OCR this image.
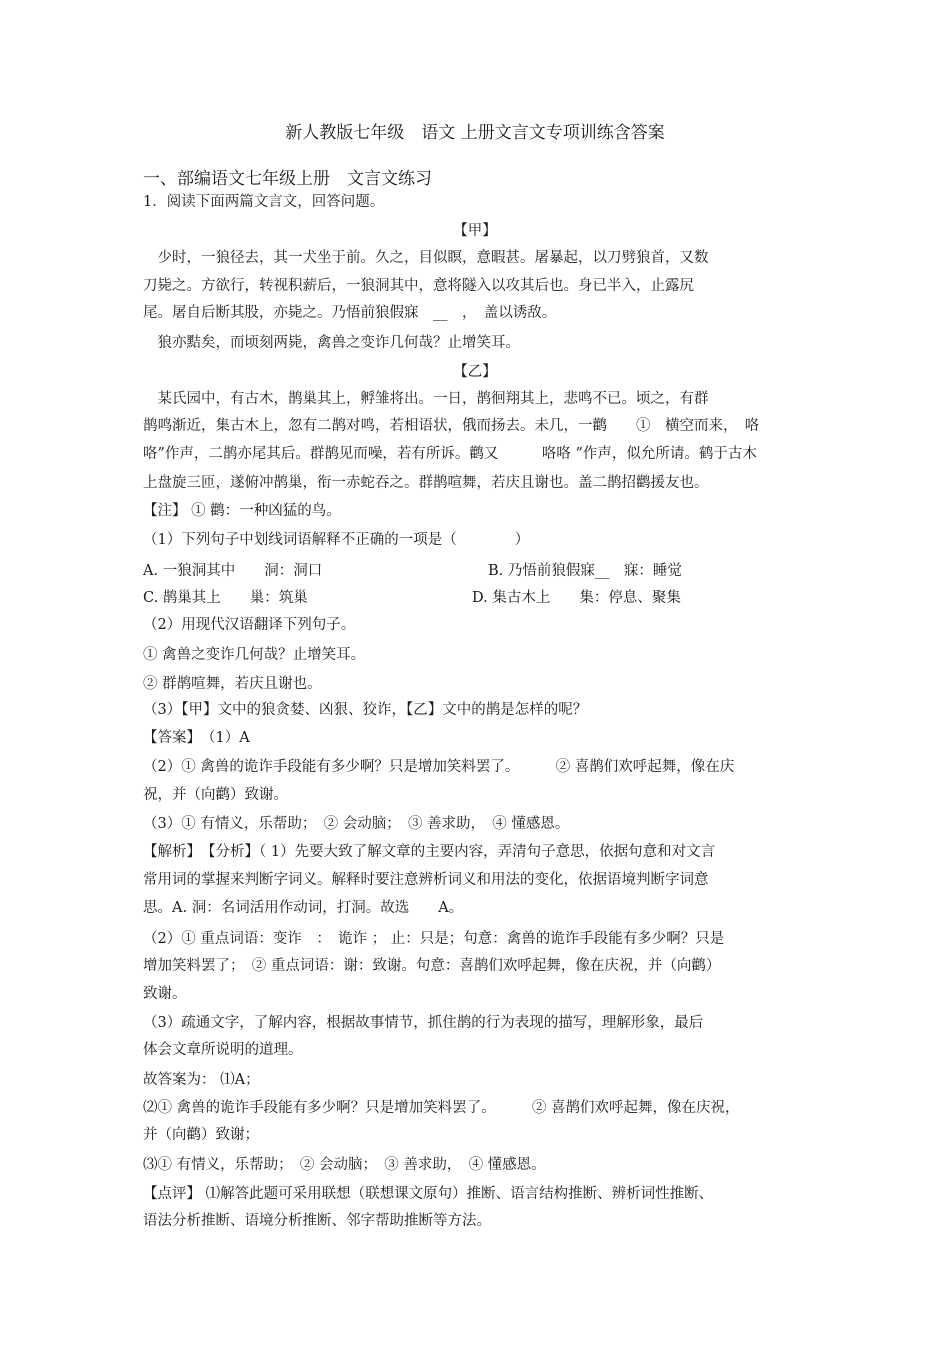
新人教版七年级　语文 上册文言文专项训练含答案
一、部编语文七年级上册　文言文练习
1．阅读下面两篇文言文，回答问题。
【甲】
　少时，一狼径去，其一犬坐于前。久之，目似瞑，意暇甚。屠暴起，以刀劈狼首，又数
刀毙之。方欲行，转视积薪后，一狼洞其中，意将隧入以攻其后也。身已半入，止露尻
尾。屠自后断其股，亦毙之。乃悟前狼假寐　__　，　盖以诱敌。
　狼亦黠矣，而顷刻两毙，禽兽之变诈几何哉？止增笑耳。
【乙】
　某氏园中，有古木，鹊巢其上，孵雏将出。一日，鹊徊翔其上，悲鸣不已。顷之，有群
鹊鸣渐近，集古木上，忽有二鹊对鸣，若相语状，俄而扬去。未几，一鹳　　①　横空而来，　咯
咯”作声，二鹊亦尾其后。群鹊见而噪，若有所诉。鹳又　　　咯咯 ”作声，似允所请。鹤于古木
上盘旋三匝，遂俯冲鹊巢，衔一赤蛇吞之。群鹊喧舞，若庆且谢也。盖二鹊招鹳援友也。
【注】 ① 鹳：一种凶猛的鸟。
（1）下列句子中划线词语解释不正确的一项是（　　　　）
A. 一狼洞其中　　洞：洞口	B. 乃悟前狼假寐__　寐：睡觉
C. 鹊巢其上　　巢：筑巢	D. 集古木上　　集：停息、聚集
（2）用现代汉语翻译下列句子。
① 禽兽之变诈几何哉？止增笑耳。
② 群鹊喧舞，若庆且谢也。
（3）【甲】文中的狼贪婪、凶狠、狡诈，【乙】文中的鹊是怎样的呢？
【答案】　（1）A
（2）① 禽兽的诡诈手段能有多少啊？只是增加笑料罢了。　　　② 喜鹊们欢呼起舞，像在庆
祝，并（向鹳）致谢。
（3）① 有情义，乐帮助；　② 会动脑；　③ 善求助，　④ 懂感恩。
【解析】　【分析】（ 1）先要大致了解文章的主要内容，弄清句子意思，依据句意和对文言
常用词的掌握来判断字词义。解释时要注意辨析词义和用法的变化，依据语境判断字词意
思。A. 洞：名词活用作动词，打洞。故选　　A。
（2）① 重点词语：变诈　：　诡诈 ； 止：只是；句意：禽兽的诡诈手段能有多少啊？只是
增加笑料罢了；　② 重点词语：谢：致谢。句意：喜鹊们欢呼起舞，像在庆祝，并（向鹳）
致谢。
（3）疏通文字，了解内容，根据故事情节，抓住鹊的行为表现的描写，理解形象，最后
体会文章所说明的道理。
故答案为： ⑴A；
⑵① 禽兽的诡诈手段能有多少啊？只是增加笑料罢了。　　　② 喜鹊们欢呼起舞，像在庆祝，
并（向鹳）致谢；
⑶① 有情义，乐帮助；　② 会动脑；　③ 善求助，　④ 懂感恩。
【点评】 ⑴解答此题可采用联想（联想课文原句）推断、语言结构推断、辨析词性推断、
语法分析推断、语境分析推断、邻字帮助推断等方法。
